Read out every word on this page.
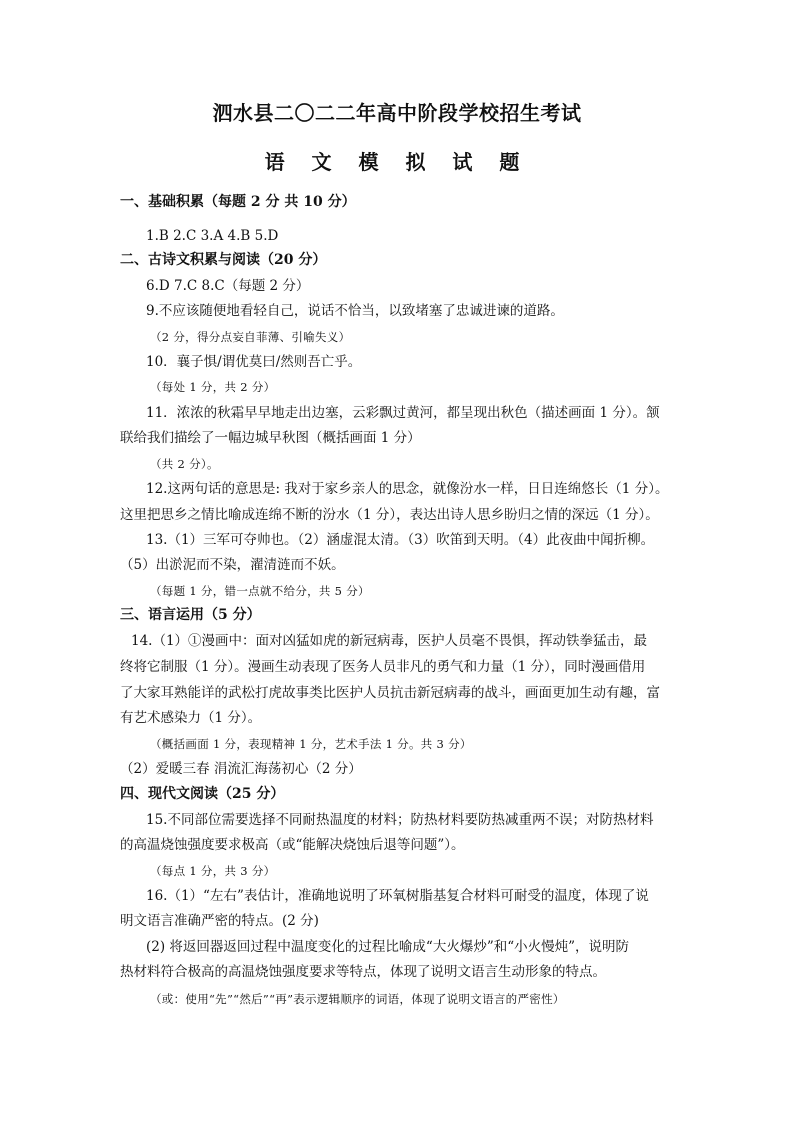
泗水县二〇二二年高中阶段学校招生考试
语 文 模 拟 试 题
一、基础积累（每题 2 分 共 10 分）
1.B 2.C 3.A 4.B 5.D
二、古诗文积累与阅读（20 分）
6.D 7.C 8.C（每题 2 分）
9.不应该随便地看轻自己，说话不恰当，以致堵塞了忠诚进谏的道路。
（2 分，得分点妄自菲薄、引喻失义）
10．襄子惧/谓优莫曰/然则吾亡乎。
（每处 1 分，共 2 分）
11．浓浓的秋霜早早地走出边塞，云彩飘过黄河，都呈现出秋色（描述画面 1 分）。颔
联给我们描绘了一幅边城早秋图（概括画面 1 分）
（共 2 分）。
12.这两句话的意思是: 我对于家乡亲人的思念，就像汾水一样，日日连绵悠长（1 分）。
这里把思乡之情比喻成连绵不断的汾水（1 分），表达出诗人思乡盼归之情的深远（1 分）。
13.（1）三军可夺帅也。（2）涵虚混太清。（3）吹笛到天明。（4）此夜曲中闻折柳。
（5）出淤泥而不染，濯清涟而不妖。
（每题 1 分，错一点就不给分，共 5 分）
三、语言运用（5 分）
14.（1）①漫画中：面对凶猛如虎的新冠病毒，医护人员毫不畏惧，挥动铁拳猛击，最
终将它制服（1 分）。漫画生动表现了医务人员非凡的勇气和力量（1 分），同时漫画借用
了大家耳熟能详的武松打虎故事类比医护人员抗击新冠病毒的战斗，画面更加生动有趣，富
有艺术感染力（1 分）。
（概括画面 1 分，表现精神 1 分，艺术手法 1 分。共 3 分）
（2）爱暖三春 涓流汇海荡初心（2 分）
四、现代文阅读（25 分）
15.不同部位需要选择不同耐热温度的材料；防热材料要防热减重两不误；对防热材料
的高温烧蚀强度要求极高（或“能解决烧蚀后退等问题”）。
（每点 1 分，共 3 分）
16.（1）“左右”表估计，准确地说明了环氧树脂基复合材料可耐受的温度，体现了说
明文语言准确严密的特点。(2 分)
(2) 将返回器返回过程中温度变化的过程比喻成“大火爆炒”和“小火慢炖”，说明防
热材料符合极高的高温烧蚀强度要求等特点，体现了说明文语言生动形象的特点。
（或：使用“先”“然后”“再”表示逻辑顺序的词语，体现了说明文语言的严密性）
